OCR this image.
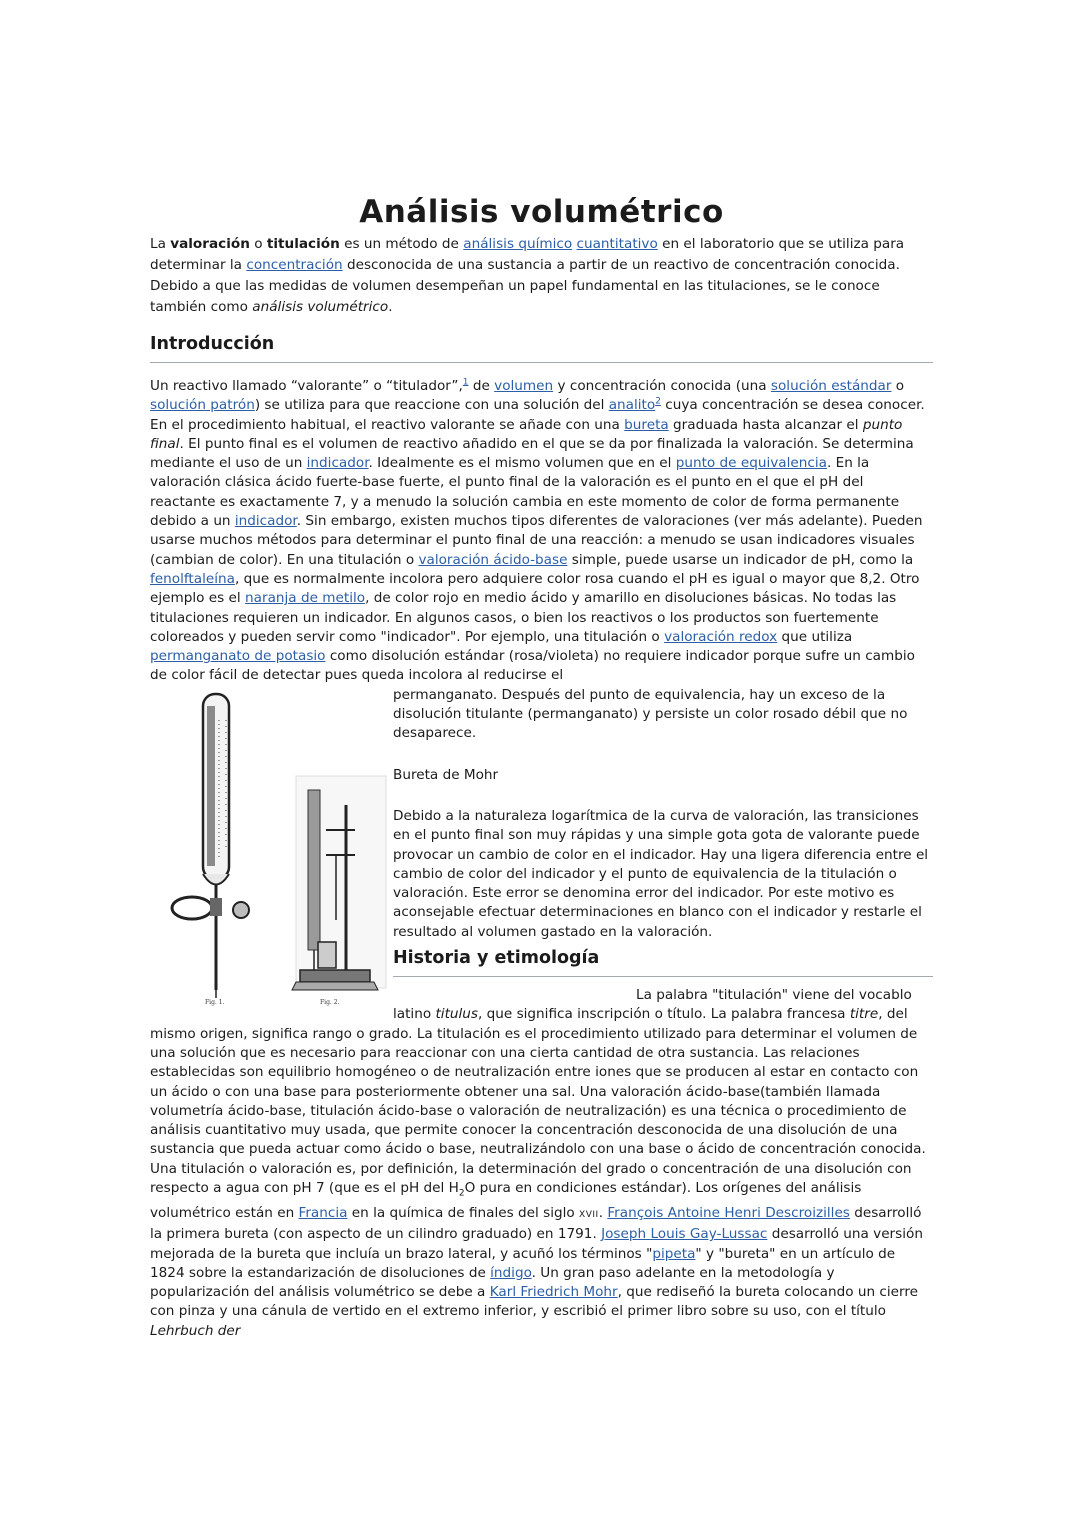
Análisis volumétrico

La valoración o titulación es un método de análisis químico cuantitativo en el laboratorio que se utiliza para determinar la concentración desconocida de una sustancia a partir de un reactivo de concentración conocida. Debido a que las medidas de volumen desempeñan un papel fundamental en las titulaciones, se le conoce también como análisis volumétrico.

Introducción

Un reactivo llamado “valorante” o “titulador”,$^1$ de volumen y concentración conocida (una solución estándar o solución patrón) se utiliza para que reaccione con una solución del analito$^2$ cuya concentración se desea conocer. En el procedimiento habitual, el reactivo valorante se añade con una bureta graduada hasta alcanzar el punto final. El punto final es el volumen de reactivo añadido en el que se da por finalizada la valoración. Se determina mediante el uso de un indicador. Idealmente es el mismo volumen que en el punto de equivalencia. En la valoración clásica ácido fuerte-base fuerte, el punto final de la valoración es el punto en el que el pH del reactante es exactamente 7, y a menudo la solución cambia en este momento de color de forma permanente debido a un indicador. Sin embargo, existen muchos tipos diferentes de valoraciones (ver más adelante). Pueden usarse muchos métodos para determinar el punto final de una reacción: a menudo se usan indicadores visuales (cambian de color). En una titulación o valoración ácido-base simple, puede usarse un indicador de pH, como la fenolftaleína, que es normalmente incolora pero adquiere color rosa cuando el pH es igual o mayor que 8,2. Otro ejemplo es el naranja de metilo, de color rojo en medio ácido y amarillo en disoluciones básicas. No todas las titulaciones requieren un indicador. En algunos casos, o bien los reactivos o los productos son fuertemente coloreados y pueden servir como "indicador". Por ejemplo, una titulación o valoración redox que utiliza permanganato de potasio como disolución estándar (rosa/violeta) no requiere indicador porque sufre un cambio de color fácil de detectar pues queda incolora al reducirse el

Fig. 1.	Fig. 2.

permanganato. Después del punto de equivalencia, hay un exceso de la disolución titulante (permanganato) y persiste un color rosado débil que no desaparece.

Bureta de Mohr

Debido a la naturaleza logarítmica de la curva de valoración, las transiciones en el punto final son muy rápidas y una simple gota gota de valorante puede provocar un cambio de color en el indicador. Hay una ligera diferencia entre el cambio de color del indicador y el punto de equivalencia de la titulación o valoración. Este error se denomina error del indicador. Por este motivo es aconsejable efectuar determinaciones en blanco con el indicador y restarle el resultado al volumen gastado en la valoración.

Historia y etimología

La palabra "titulación" viene del vocablo latino titulus, que significa inscripción o título. La palabra francesa titre, del mismo origen, significa rango o grado. La titulación es el procedimiento utilizado para determinar el volumen de una solución que es necesario para reaccionar con una cierta cantidad de otra sustancia. Las relaciones establecidas son equilibrio homogéneo o de neutralización entre iones que se producen al estar en contacto con un ácido o con una base para posteriormente obtener una sal. Una valoración ácido-base(también llamada volumetría ácido-base, titulación ácido-base o valoración de neutralización) es una técnica o procedimiento de análisis cuantitativo muy usada, que permite conocer la concentración desconocida de una disolución de una sustancia que pueda actuar como ácido o base, neutralizándolo con una base o ácido de concentración conocida. Una titulación o valoración es, por definición, la determinación del grado o concentración de una disolución con respecto a agua con pH 7 (que es el pH del $H_2O$ pura en condiciones estándar). Los orígenes del análisis volumétrico están en Francia en la química de finales del siglo XVII. François Antoine Henri Descroizilles desarrolló la primera bureta (con aspecto de un cilindro graduado) en 1791. Joseph Louis Gay-Lussac desarrolló una versión mejorada de la bureta que incluía un brazo lateral, y acuñó los términos "pipeta" y "bureta" en un artículo de 1824 sobre la estandarización de disoluciones de índigo. Un gran paso adelante en la metodología y popularización del análisis volumétrico se debe a Karl Friedrich Mohr, que rediseñó la bureta colocando un cierre con pinza y una cánula de vertido en el extremo inferior, y escribió el primer libro sobre su uso, con el título Lehrbuch der
